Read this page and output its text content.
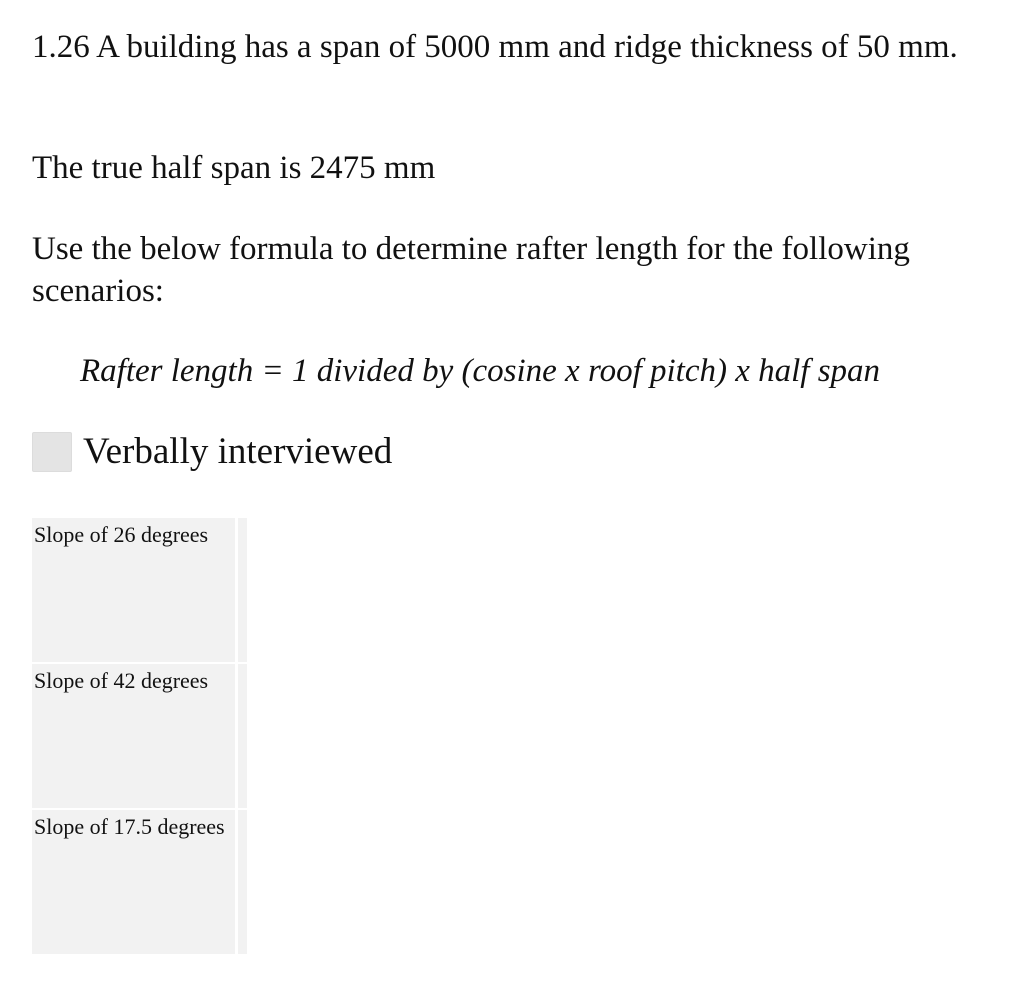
1.26 A building has a span of 5000 mm and ridge thickness of 50 mm.

The true half span is 2475 mm

Use the below formula to determine rafter length for the following scenarios:

Rafter length = 1 divided by (cosine x roof pitch) x half span
Verbally interviewed
Slope of 26 degrees
Slope of 42 degrees
Slope of 17.5 degrees
